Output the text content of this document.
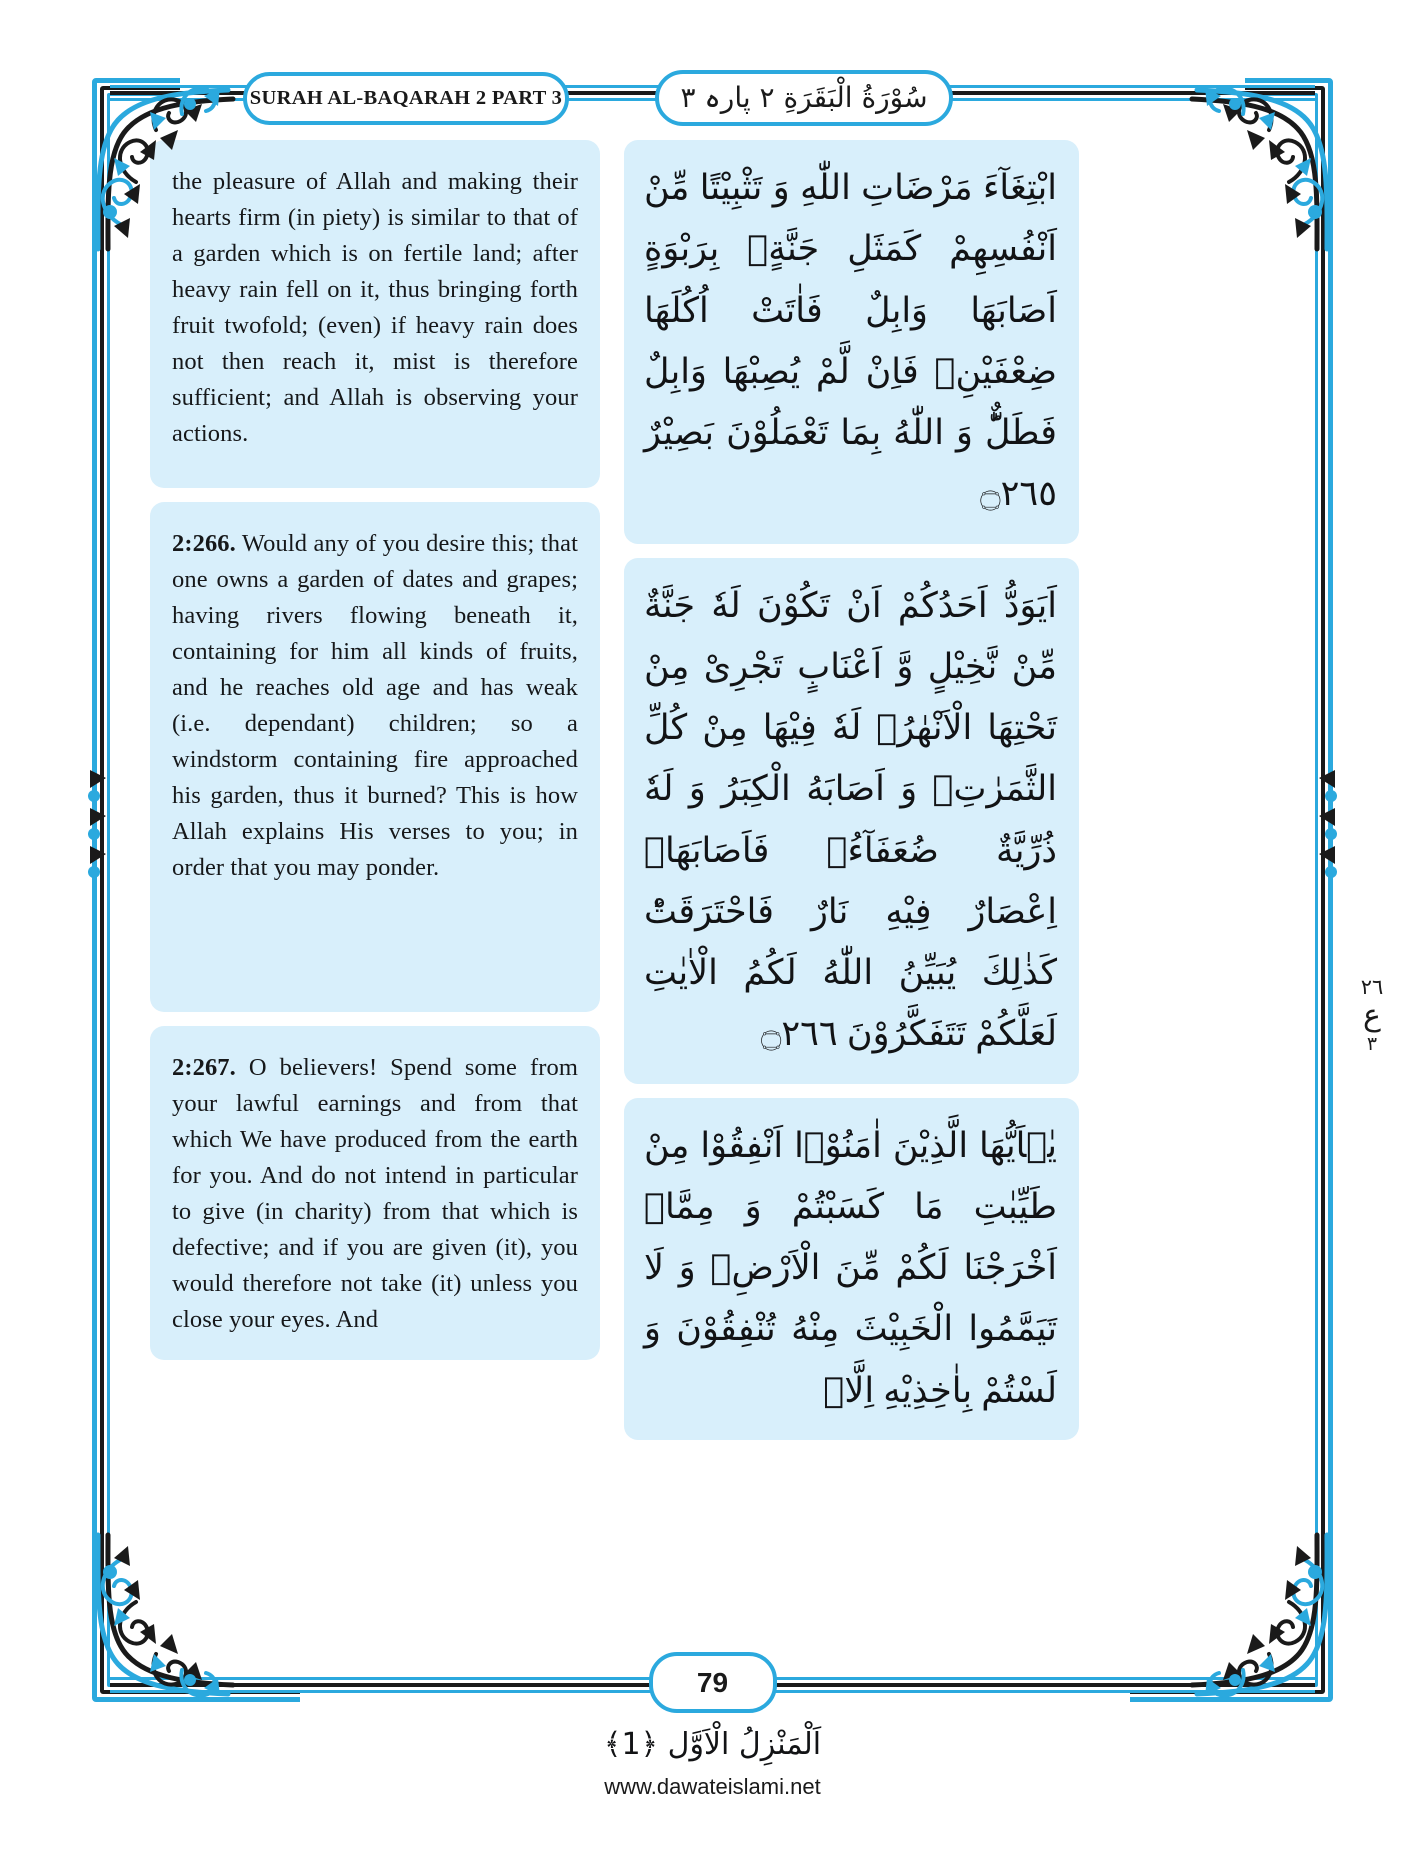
SURAH AL-BAQARAH 2 PART 3	سُوْرَةُ الْبَقَرَةِ ٢ پارہ ٣
the pleasure of Allah and making their hearts firm (in piety) is similar to that of a garden which is on fertile land; after heavy rain fell on it, thus bringing forth fruit twofold; (even) if heavy rain does not then reach it, mist is therefore sufficient; and Allah is observing your actions.
2:266. Would any of you desire this; that one owns a garden of dates and grapes; having rivers flowing beneath it, containing for him all kinds of fruits, and he reaches old age and has weak (i.e. dependant) children; so a windstorm containing fire approached his garden, thus it burned? This is how Allah explains His verses to you; in order that you may ponder.
2:267. O believers! Spend some from your lawful earnings and from that which We have produced from the earth for you. And do not intend in particular to give (in charity) from that which is defective; and if you are given (it), you would therefore not take (it) unless you close your eyes. And
ابْتِغَآءَ مَرْضَاتِ اللّٰهِ وَ تَثْبِیْتًا مِّنْ اَنْفُسِهِمْ كَمَثَلِ جَنَّةٍۭ بِرَبْوَةٍ اَصَابَهَا وَابِلٌ فَاٰتَتْ اُكُلَهَا ضِعْفَیْنِۚ فَاِنْ لَّمْ یُصِبْهَا وَابِلٌ فَطَلٌّؕ وَ اللّٰهُ بِمَا تَعْمَلُوْنَ بَصِیْرٌ ۝٢٦٥
اَیَوَدُّ اَحَدُكُمْ اَنْ تَكُوْنَ لَهٗ جَنَّةٌ مِّنْ نَّخِیْلٍ وَّ اَعْنَابٍ تَجْرِیْ مِنْ تَحْتِهَا الْاَنْهٰرُۙ لَهٗ فِیْهَا مِنْ كُلِّ الثَّمَرٰتِۙ وَ اَصَابَهُ الْكِبَرُ وَ لَهٗ ذُرِّیَّةٌ ضُعَفَآءُۖ فَاَصَابَهَاۤ اِعْصَارٌ فِیْهِ نَارٌ فَاحْتَرَقَتْؕ كَذٰلِكَ یُبَیِّنُ اللّٰهُ لَكُمُ الْاٰیٰتِ لَعَلَّكُمْ تَتَفَكَّرُوْنَ ۝٢٦٦
یٰۤاَیُّهَا الَّذِیْنَ اٰمَنُوْۤا اَنْفِقُوْا مِنْ طَیِّبٰتِ مَا كَسَبْتُمْ وَ مِمَّاۤ اَخْرَجْنَا لَكُمْ مِّنَ الْاَرْضِ۪ وَ لَا تَیَمَّمُوا الْخَبِیْثَ مِنْهُ تُنْفِقُوْنَ وَ لَسْتُمْ بِاٰخِذِیْهِ اِلَّاۤ
٢٦
ع
٣
79
اَلْمَنْزِلُ الْاَوَّل ﴿1﴾
www.dawateislami.net
